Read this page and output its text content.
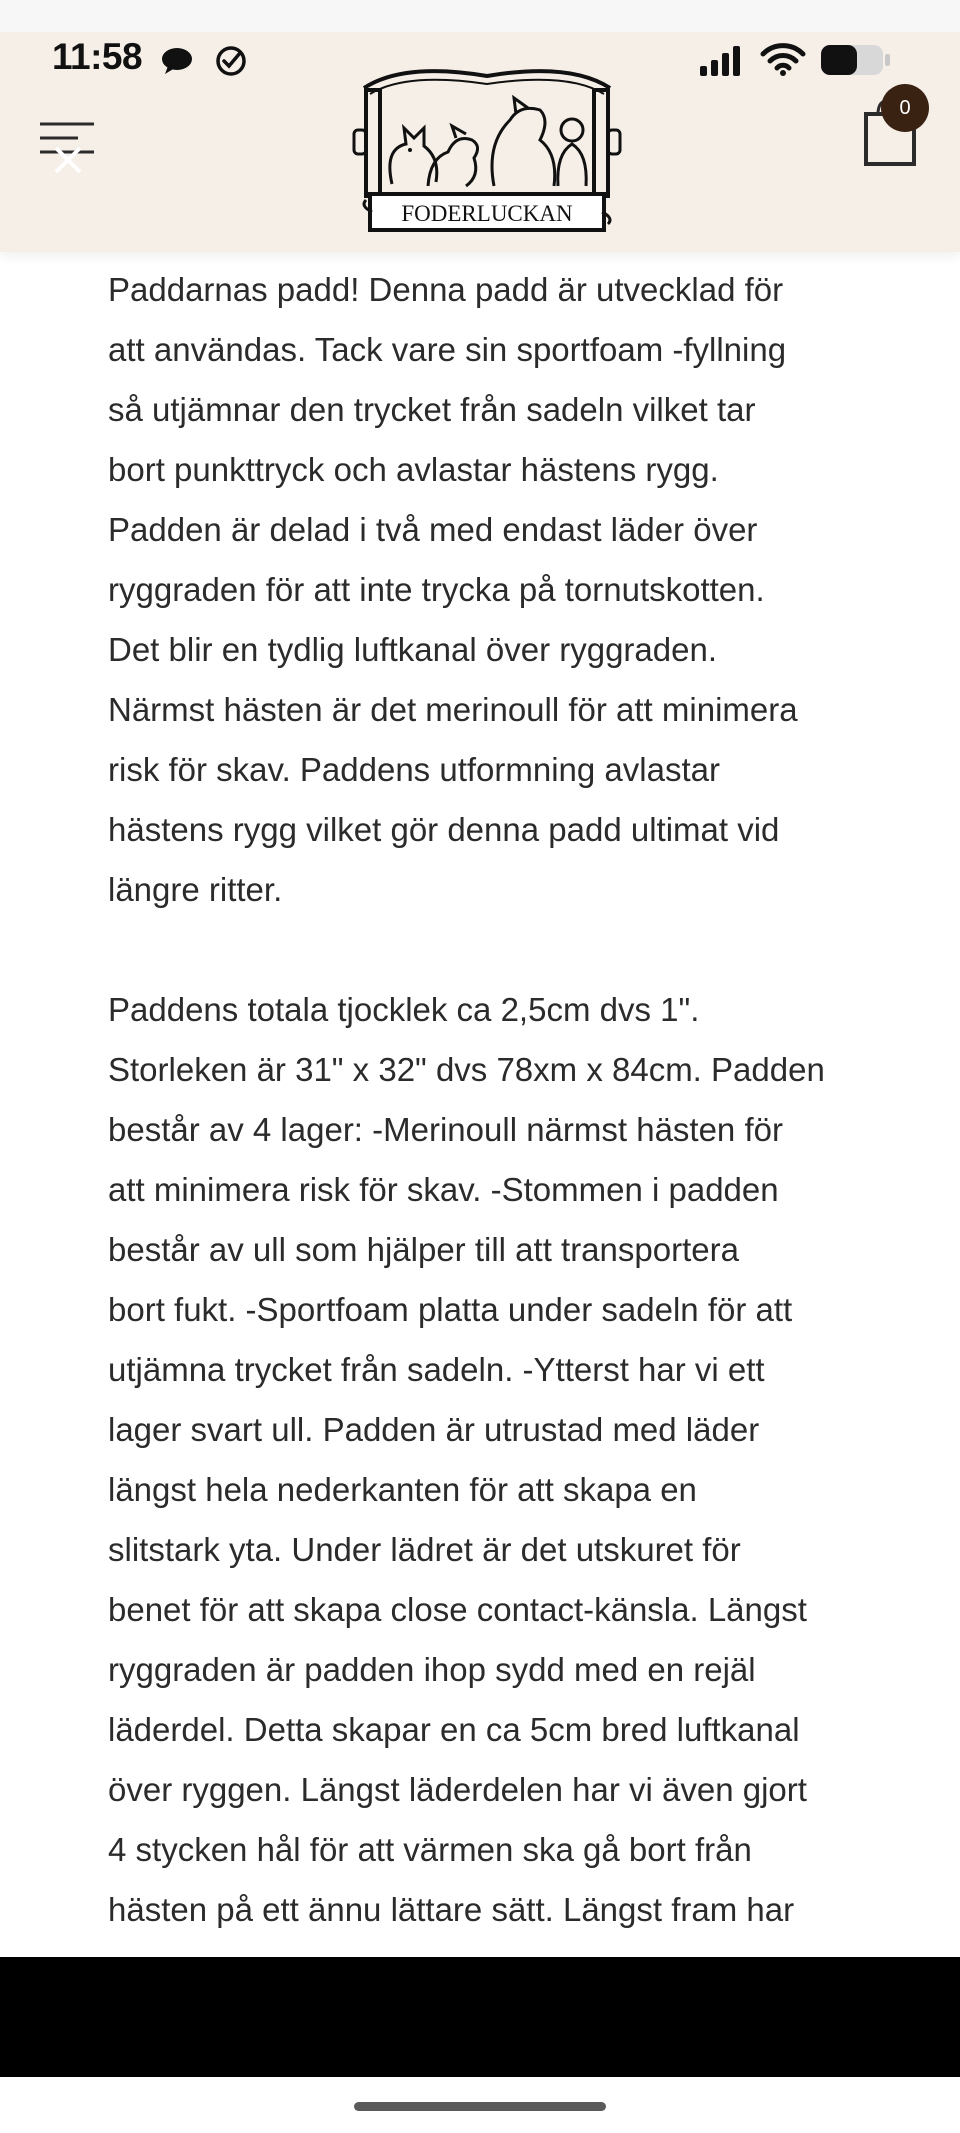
11:58
FODERLUCKAN
0
Paddarnas padd! Denna padd är utvecklad för
att användas. Tack vare sin sportfoam -fyllning
så utjämnar den trycket från sadeln vilket tar
bort punkttryck och avlastar hästens rygg.
Padden är delad i två med endast läder över
ryggraden för att inte trycka på tornutskotten.
Det blir en tydlig luftkanal över ryggraden.
Närmst hästen är det merinoull för att minimera
risk för skav. Paddens utformning avlastar
hästens rygg vilket gör denna padd ultimat vid
längre ritter.
Paddens totala tjocklek ca 2,5cm dvs 1".
Storleken är 31" x 32" dvs 78xm x 84cm. Padden
består av 4 lager: -Merinoull närmst hästen för
att minimera risk för skav. -Stommen i padden
består av ull som hjälper till att transportera
bort fukt. -Sportfoam platta under sadeln för att
utjämna trycket från sadeln. -Ytterst har vi ett
lager svart ull. Padden är utrustad med läder
längst hela nederkanten för att skapa en
slitstark yta. Under lädret är det utskuret för
benet för att skapa close contact-känsla. Längst
ryggraden är padden ihop sydd med en rejäl
läderdel. Detta skapar en ca 5cm bred luftkanal
över ryggen. Längst läderdelen har vi även gjort
4 stycken hål för att värmen ska gå bort från
hästen på ett ännu lättare sätt. Längst fram har
